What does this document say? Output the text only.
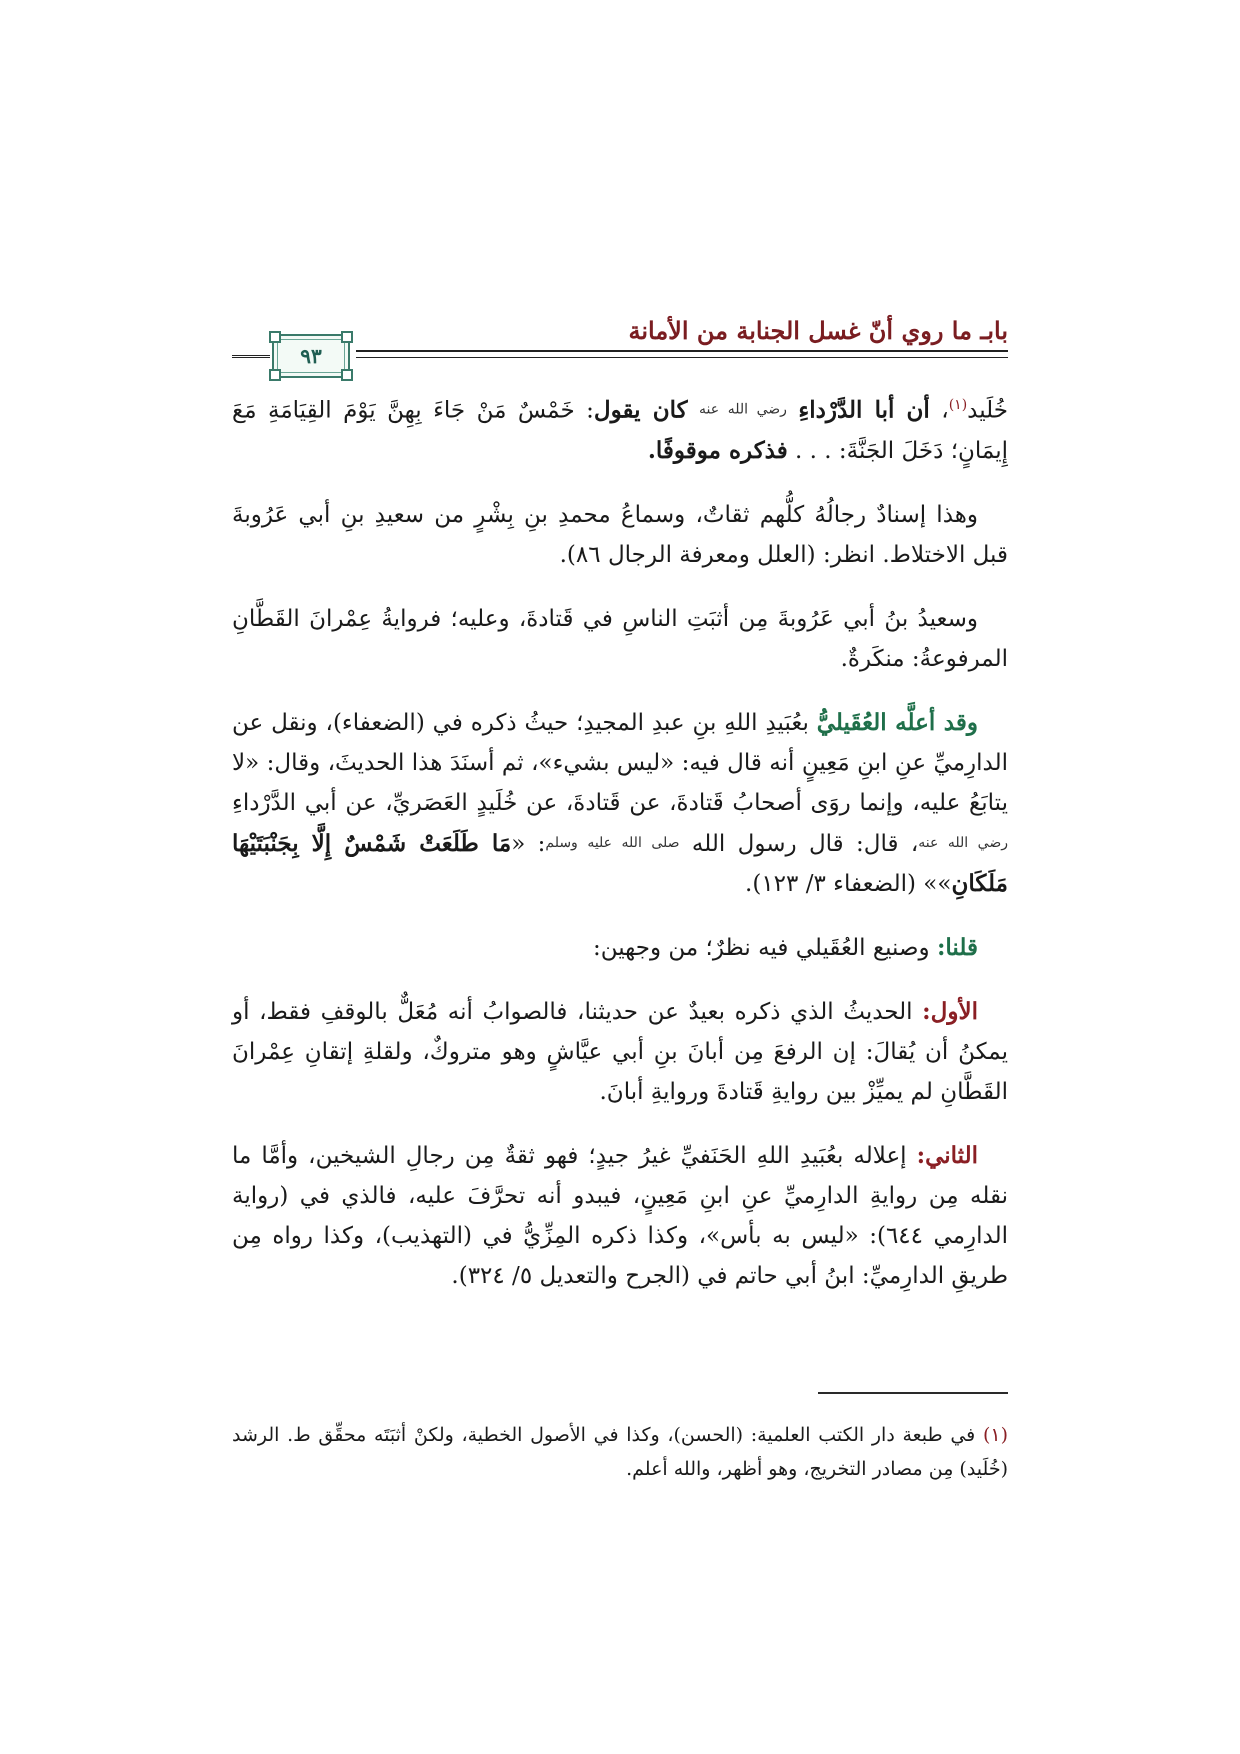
بابـ ما روي أنّ غسل الجنابة من الأمانة
٩٣

خُلَيد$^{(١)}$، أن أبا الدَّرْداءِ رضي الله عنه كان يقول: خَمْسٌ مَنْ جَاءَ بِهِنَّ يَوْمَ القِيَامَةِ مَعَ إِيمَانٍ؛ دَخَلَ الجَنَّةَ: . . . فذكره موقوفًا.

وهذا إسنادٌ رجالُهُ كلُّهم ثقاتٌ، وسماعُ محمدِ بنِ بِشْرٍ من سعيدِ بنِ أبي عَرُوبةَ قبل الاختلاط. انظر: (العلل ومعرفة الرجال ٨٦).

وسعيدُ بنُ أبي عَرُوبةَ مِن أثبَتِ الناسِ في قَتادةَ، وعليه؛ فروايةُ عِمْرانَ القَطَّانِ المرفوعةُ: منكَرةٌ.

وقد أعلَّه العُقَيليُّ بعُبَيدِ اللهِ بنِ عبدِ المجيدِ؛ حيثُ ذكره في (الضعفاء)، ونقل عن الدارِميِّ عنِ ابنِ مَعِينٍ أنه قال فيه: «ليس بشيء»، ثم أسنَدَ هذا الحديثَ، وقال: «لا يتابَعُ عليه، وإنما روَى أصحابُ قَتادةَ، عن قَتادةَ، عن خُلَيدٍ العَصَريِّ، عن أبي الدَّرْداءِ رضي الله عنه، قال: قال رسول الله صلى الله عليه وسلم: «مَا طَلَعَتْ شَمْسٌ إِلَّا بِجَنْبَتَيْهَا مَلَكَانِ»» (الضعفاء ٣/ ١٢٣).

قلنا: وصنيع العُقَيلي فيه نظرٌ؛ من وجهين:

الأول: الحديثُ الذي ذكره بعيدٌ عن حديثنا، فالصوابُ أنه مُعَلٌّ بالوقفِ فقط، أو يمكنُ أن يُقالَ: إن الرفعَ مِن أبانَ بنِ أبي عيَّاشٍ وهو متروكٌ، ولقلةِ إتقانِ عِمْرانَ القَطَّانِ لم يميِّزْ بين روايةِ قَتادةَ وروايةِ أبانَ.

الثاني: إعلاله بعُبَيدِ اللهِ الحَنَفيِّ غيرُ جيدٍ؛ فهو ثقةٌ مِن رجالِ الشيخين، وأمَّا ما نقله مِن روايةِ الدارِميِّ عنِ ابنِ مَعِينٍ، فيبدو أنه تحرَّفَ عليه، فالذي في (رواية الدارِمي ٦٤٤): «ليس به بأس»، وكذا ذكره المِزِّيُّ في (التهذيب)، وكذا رواه مِن طريقِ الدارِميِّ: ابنُ أبي حاتم في (الجرح والتعديل ٥/ ٣٢٤).

(١) في طبعة دار الكتب العلمية: (الحسن)، وكذا في الأصول الخطية، ولكنْ أثبَتَه محقِّق ط. الرشد (خُلَيد) مِن مصادر التخريج، وهو أظهر، والله أعلم.
